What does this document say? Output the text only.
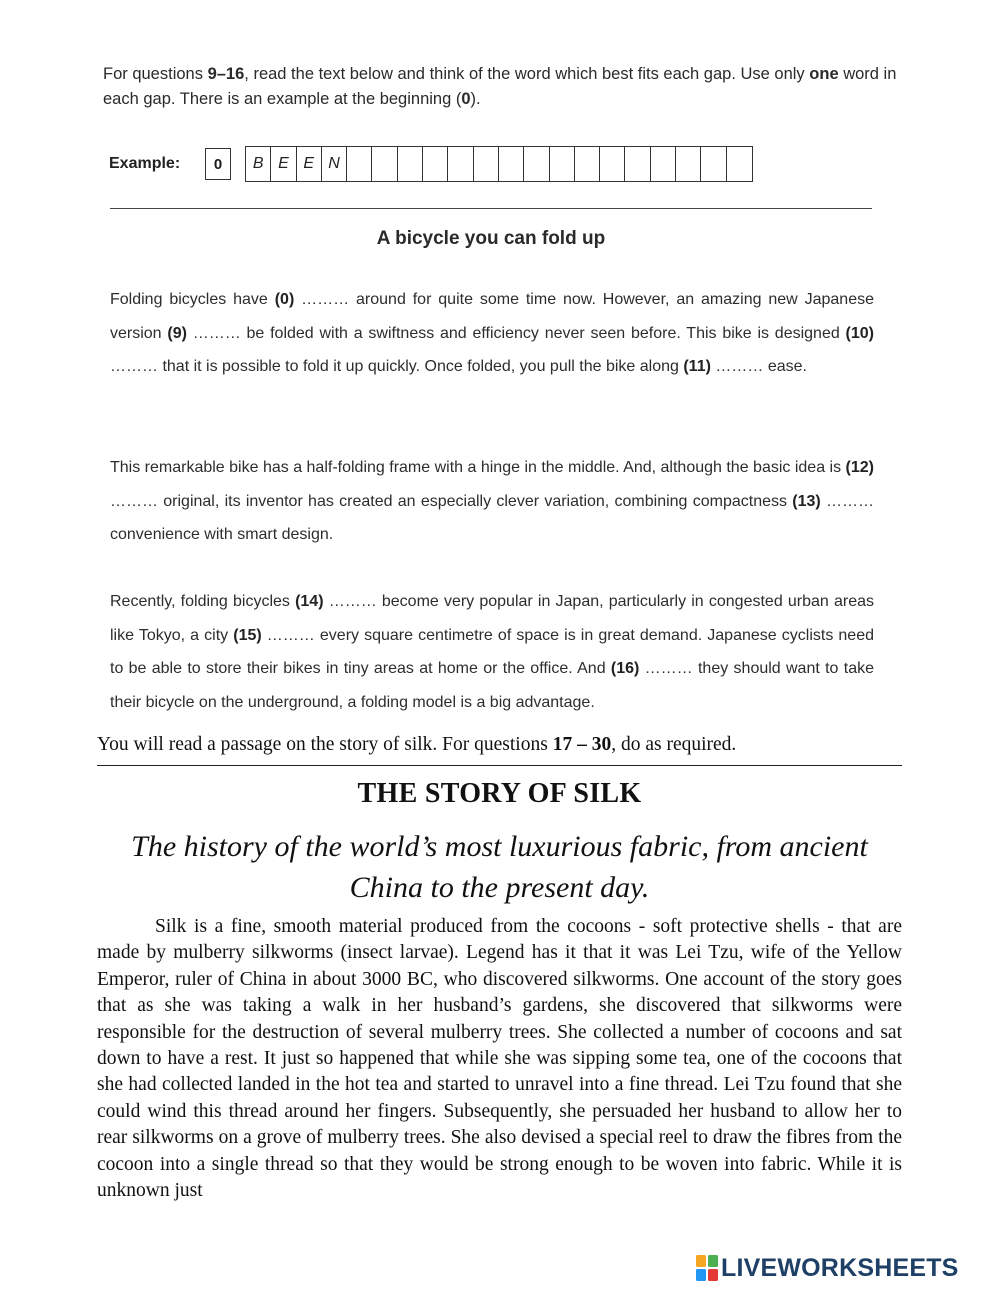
For questions 9–16, read the text below and think of the word which best fits each gap. Use only one word in each gap. There is an example at the beginning (0).

Example:	0	B E E N
A bicycle you can fold up

Folding bicycles have (0) ……… around for quite some time now. However, an amazing new Japanese version (9) ……… be folded with a swiftness and efficiency never seen before. This bike is designed (10) ……… that it is possible to fold it up quickly. Once folded, you pull the bike along (11) ……… ease.

This remarkable bike has a half-folding frame with a hinge in the middle. And, although the basic idea is (12) ……… original, its inventor has created an especially clever variation, combining compactness (13) ……… convenience with smart design.

Recently, folding bicycles (14) ……… become very popular in Japan, particularly in congested urban areas like Tokyo, a city (15) ……… every square centimetre of space is in great demand. Japanese cyclists need to be able to store their bikes in tiny areas at home or the office. And (16) ……… they should want to take their bicycle on the underground, a folding model is a big advantage.

You will read a passage on the story of silk. For questions 17 – 30, do as required.
THE STORY OF SILK
The history of the world’s most luxurious fabric, from ancient China to the present day.

Silk is a fine, smooth material produced from the cocoons - soft protective shells - that are made by mulberry silkworms (insect larvae). Legend has it that it was Lei Tzu, wife of the Yellow Emperor, ruler of China in about 3000 BC, who discovered silkworms. One account of the story goes that as she was taking a walk in her husband’s gardens, she discovered that silkworms were responsible for the destruction of several mulberry trees. She collected a number of cocoons and sat down to have a rest. It just so happened that while she was sipping some tea, one of the cocoons that she had collected landed in the hot tea and started to unravel into a fine thread. Lei Tzu found that she could wind this thread around her fingers. Subsequently, she persuaded her husband to allow her to rear silkworms on a grove of mulberry trees. She also devised a special reel to draw the fibres from the cocoon into a single thread so that they would be strong enough to be woven into fabric. While it is unknown just

LIVEWORKSHEETS
